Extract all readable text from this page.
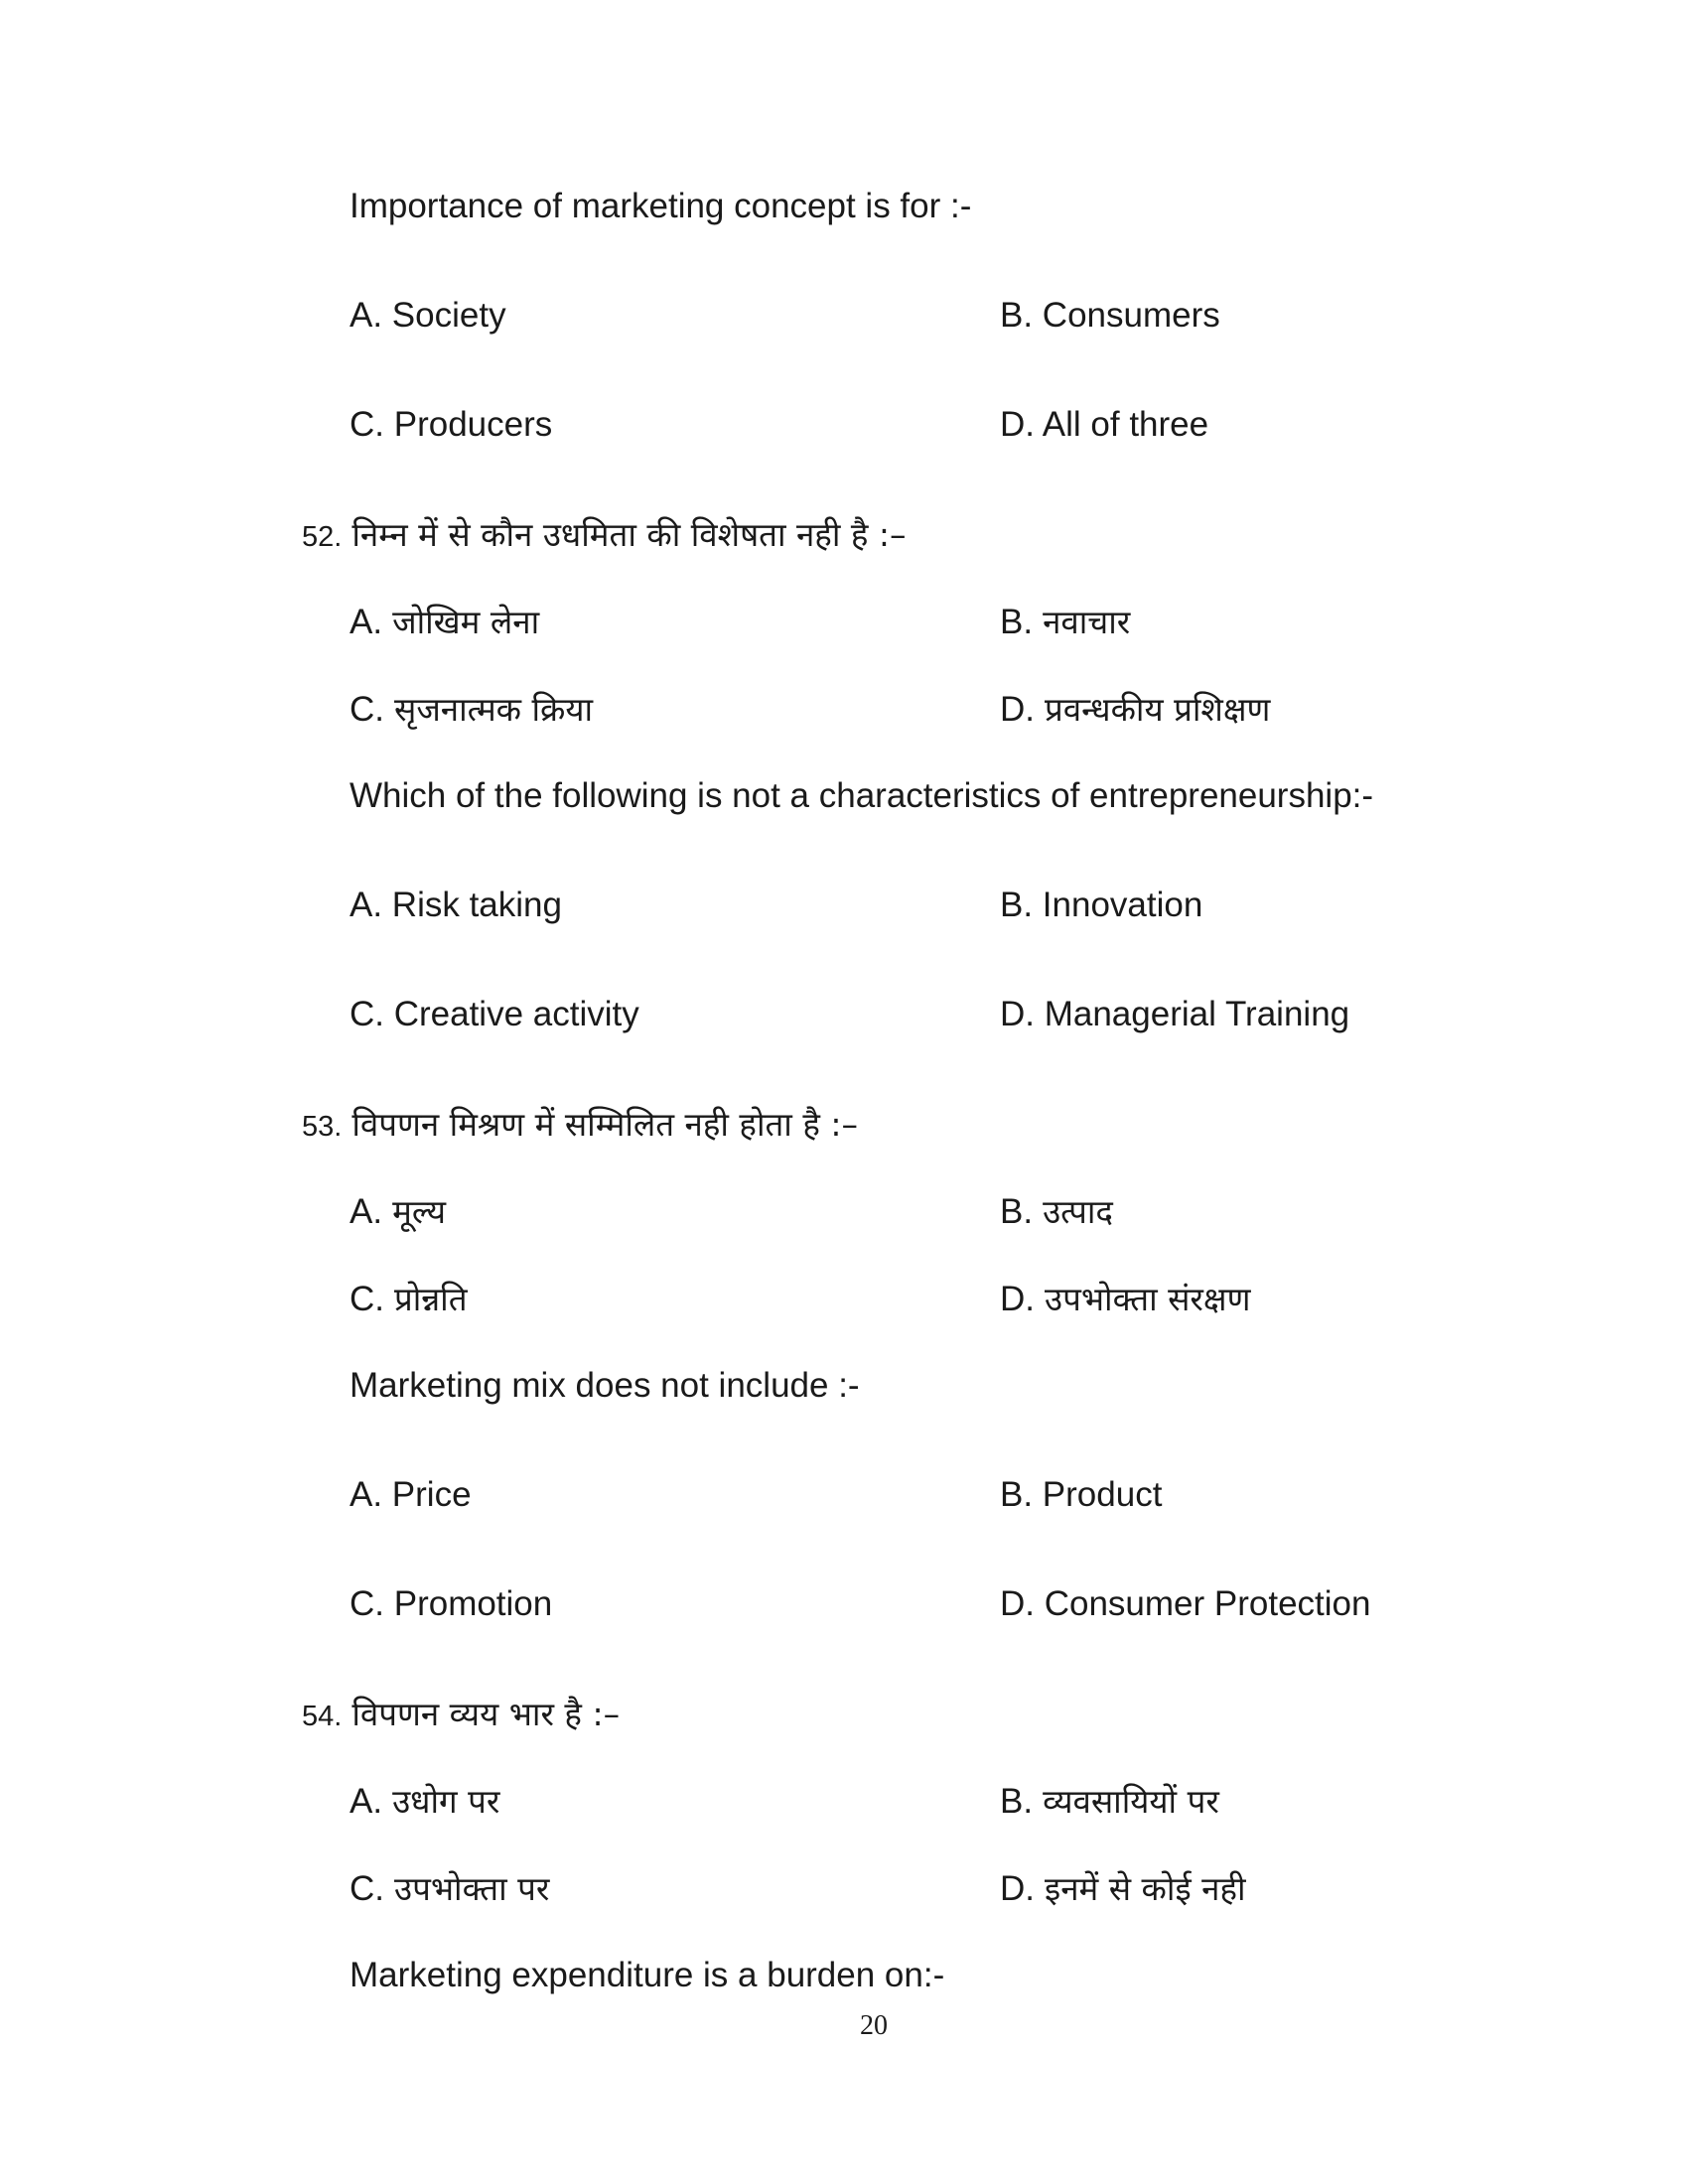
Importance of marketing concept is for :-
A. Society	B. Consumers
C. Producers	D. All of three
52. निम्न में से कौन उधमिता की विशेषता नही है :–
A. जोखिम लेना	B. नवाचार
C. सृजनात्मक क्रिया	D. प्रवन्धकीय प्रशिक्षण
Which of the following is not a characteristics of entrepreneurship:-
A. Risk taking	B. Innovation
C. Creative activity	D. Managerial Training
53. विपणन मिश्रण में सम्मिलित नही होता है :–
A. मूल्य	B. उत्पाद
C. प्रोन्नति	D. उपभोक्ता संरक्षण
Marketing mix does not include :-
A. Price	B. Product
C. Promotion	D. Consumer Protection
54. विपणन व्यय भार है :–
A. उधोग पर	B. व्यवसायियों पर
C. उपभोक्ता पर	D. इनमें से कोई नही
Marketing expenditure is a burden on:-
20
